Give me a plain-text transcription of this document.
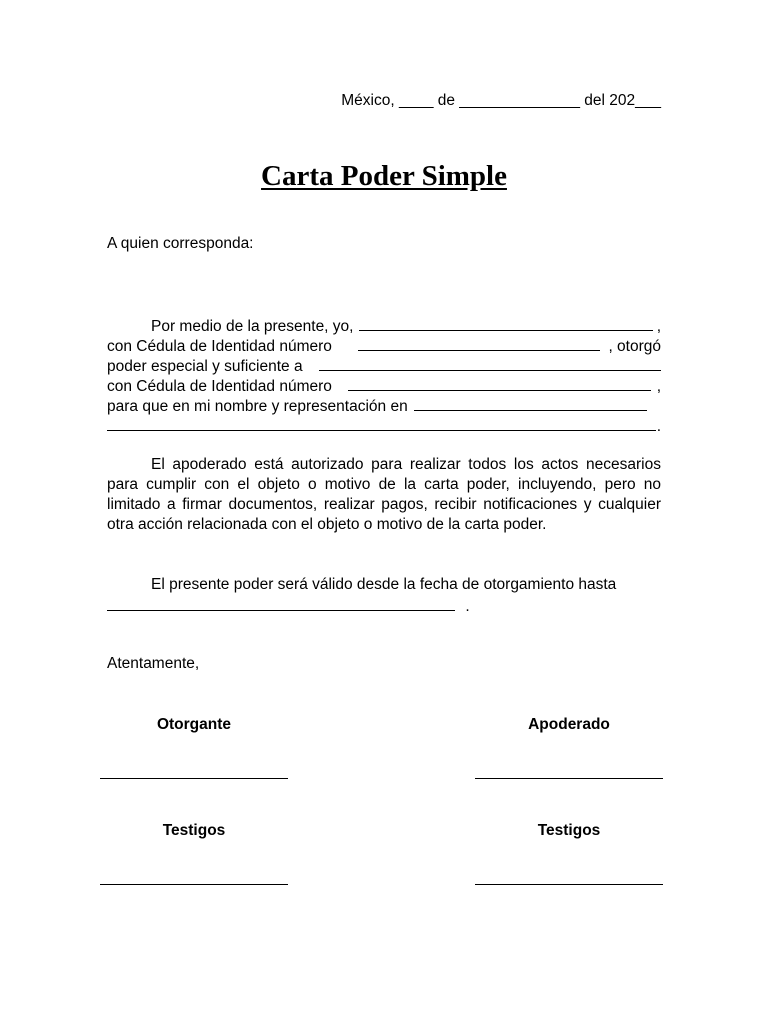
México, ____ de ______________ del 202___
Carta Poder Simple
A quien corresponda:
Por medio de la presente, yo,	,
con Cédula de Identidad número	, otorgó
poder especial y suficiente a
con Cédula de Identidad número	,
para que en mi nombre y representación en
.
El apoderado está autorizado para realizar todos los actos necesarios para cumplir con el objeto o motivo de la carta poder, incluyendo, pero no limitado a firmar documentos, realizar pagos, recibir notificaciones y cualquier otra acción relacionada con el objeto o motivo de la carta poder.
El presente poder será válido desde la fecha de otorgamiento hasta
.
Atentamente,
Otorgante	Apoderado
Testigos	Testigos
